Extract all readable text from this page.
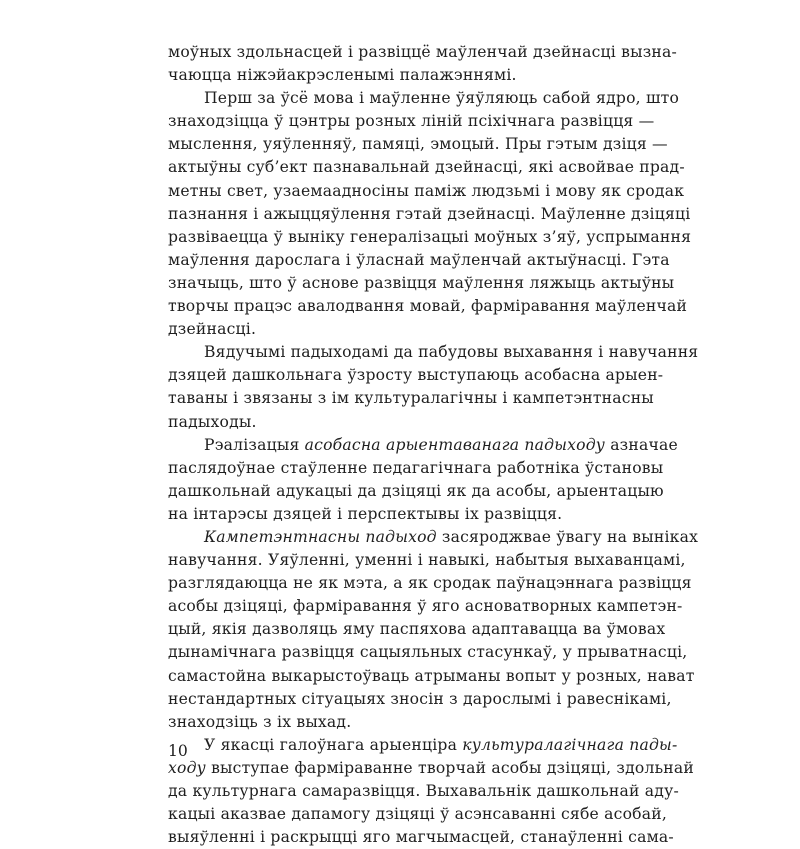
моўных здольнасцей і развіццё маўленчай дзейнасці вызна-
чаюцца ніжэйакрэсленымі палажэннямі.
Перш за ўсё мова і маўленне ўяўляюць сабой ядро, што
знаходзіцца ў цэнтры розных ліній псіхічнага развіцця —
мыслення, уяўленняў, памяці, эмоцый. Пры гэтым дзіця —
актыўны суб’ект пазнавальнай дзейнасці, які асвойвае прад-
метны свет, узаемаадносіны паміж людзьмі і мову як сродак
пазнання і ажыццяўлення гэтай дзейнасці. Маўленне дзіцяці
развіваецца ў выніку генералізацыі моўных з’яў, успрымання
маўлення дарослага і ўласнай маўленчай актыўнасці. Гэта
значыць, што ў аснове развіцця маўлення ляжыць актыўны
творчы працэс авалодвання мовай, фарміравання маўленчай
дзейнасці.
Вядучымі падыходамі да пабудовы выхавання і навучання
дзяцей дашкольнага ўзросту выступаюць асобасна арыен-
таваны і звязаны з ім культуралагічны і кампетэнтнасны
падыходы.
Рэалізацыя асобасна арыентаванага падыходу азначае
паслядоўнае стаўленне педагагічнага работніка ўстановы
дашкольнай адукацыі да дзіцяці як да асобы, арыентацыю
на інтарэсы дзяцей і перспектывы іх развіцця.
Кампетэнтнасны падыход засяроджвае ўвагу на выніках
навучання. Уяўленні, уменні і навыкі, набытыя выхаванцамі,
разглядаюцца не як мэта, а як сродак паўнацэннага развіцця
асобы дзіцяці, фарміравання ў яго асноватворных кампетэн-
цый, якія дазволяць яму паспяхова адаптавацца ва ўмовах
дынамічнага развіцця сацыяльных стасункаў, у прыватнасці,
самастойна выкарыстоўваць атрыманы вопыт у розных, нават
нестандартных сітуацыях зносін з дарослымі і равеснікамі,
знаходзіць з іх выхад.
У якасці галоўнага арыенціра культуралагічнага пады-
ходу выступае фарміраванне творчай асобы дзіцяці, здольнай
да культурнага самаразвіцця. Выхавальнік дашкольнай аду-
кацыі аказвае дапамогу дзіцяці ў асэнсаванні сябе асобай,
выяўленні і раскрыцці яго магчымасцей, станаўленні сама-
10
